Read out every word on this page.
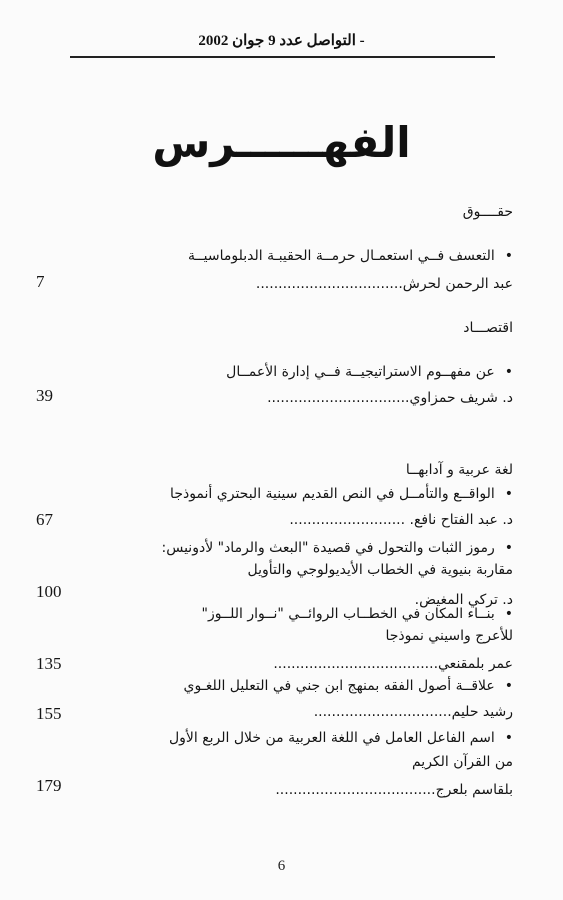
- التواصل عدد 9 جوان 2002
الفهــــــرس
حقــــوق
•التعسف فــي استعمـال حرمــة الحقيبـة الدبلوماسيــة
عبد الرحمن لحرش.................................
7
اقتصـــاد
•عن مفهــوم الاستراتيجيــة فــي إدارة الأعمــال
د. شريف حمزاوي................................
39
لغة عربية و آدابهــا
•الواقــع والتأمــل في النص القديم سينية البحتري أنموذجا
د. عبد الفتاح نافع. ..........................
67
•رموز الثبات والتحول في قصيدة "البعث والرماد" لأدونيس:
مقاربة بنيوية في الخطاب الأيديولوجي والتأويل
د. تركي المغيض.
100
•بنــاء المكان في الخطــاب الروائــي "نــوار اللــوز"
للأعرج واسيني نموذجا
عمر بلمقنعي.....................................
135
•علاقــة أصول الفقه بمنهج ابن جني في التعليل اللغـوي
رشيد حليم...............................
155
•اسم الفاعل العامل في اللغة العربية من خلال الربع الأول
من القرآن الكريم
بلقاسم بلعرج....................................
179
6
